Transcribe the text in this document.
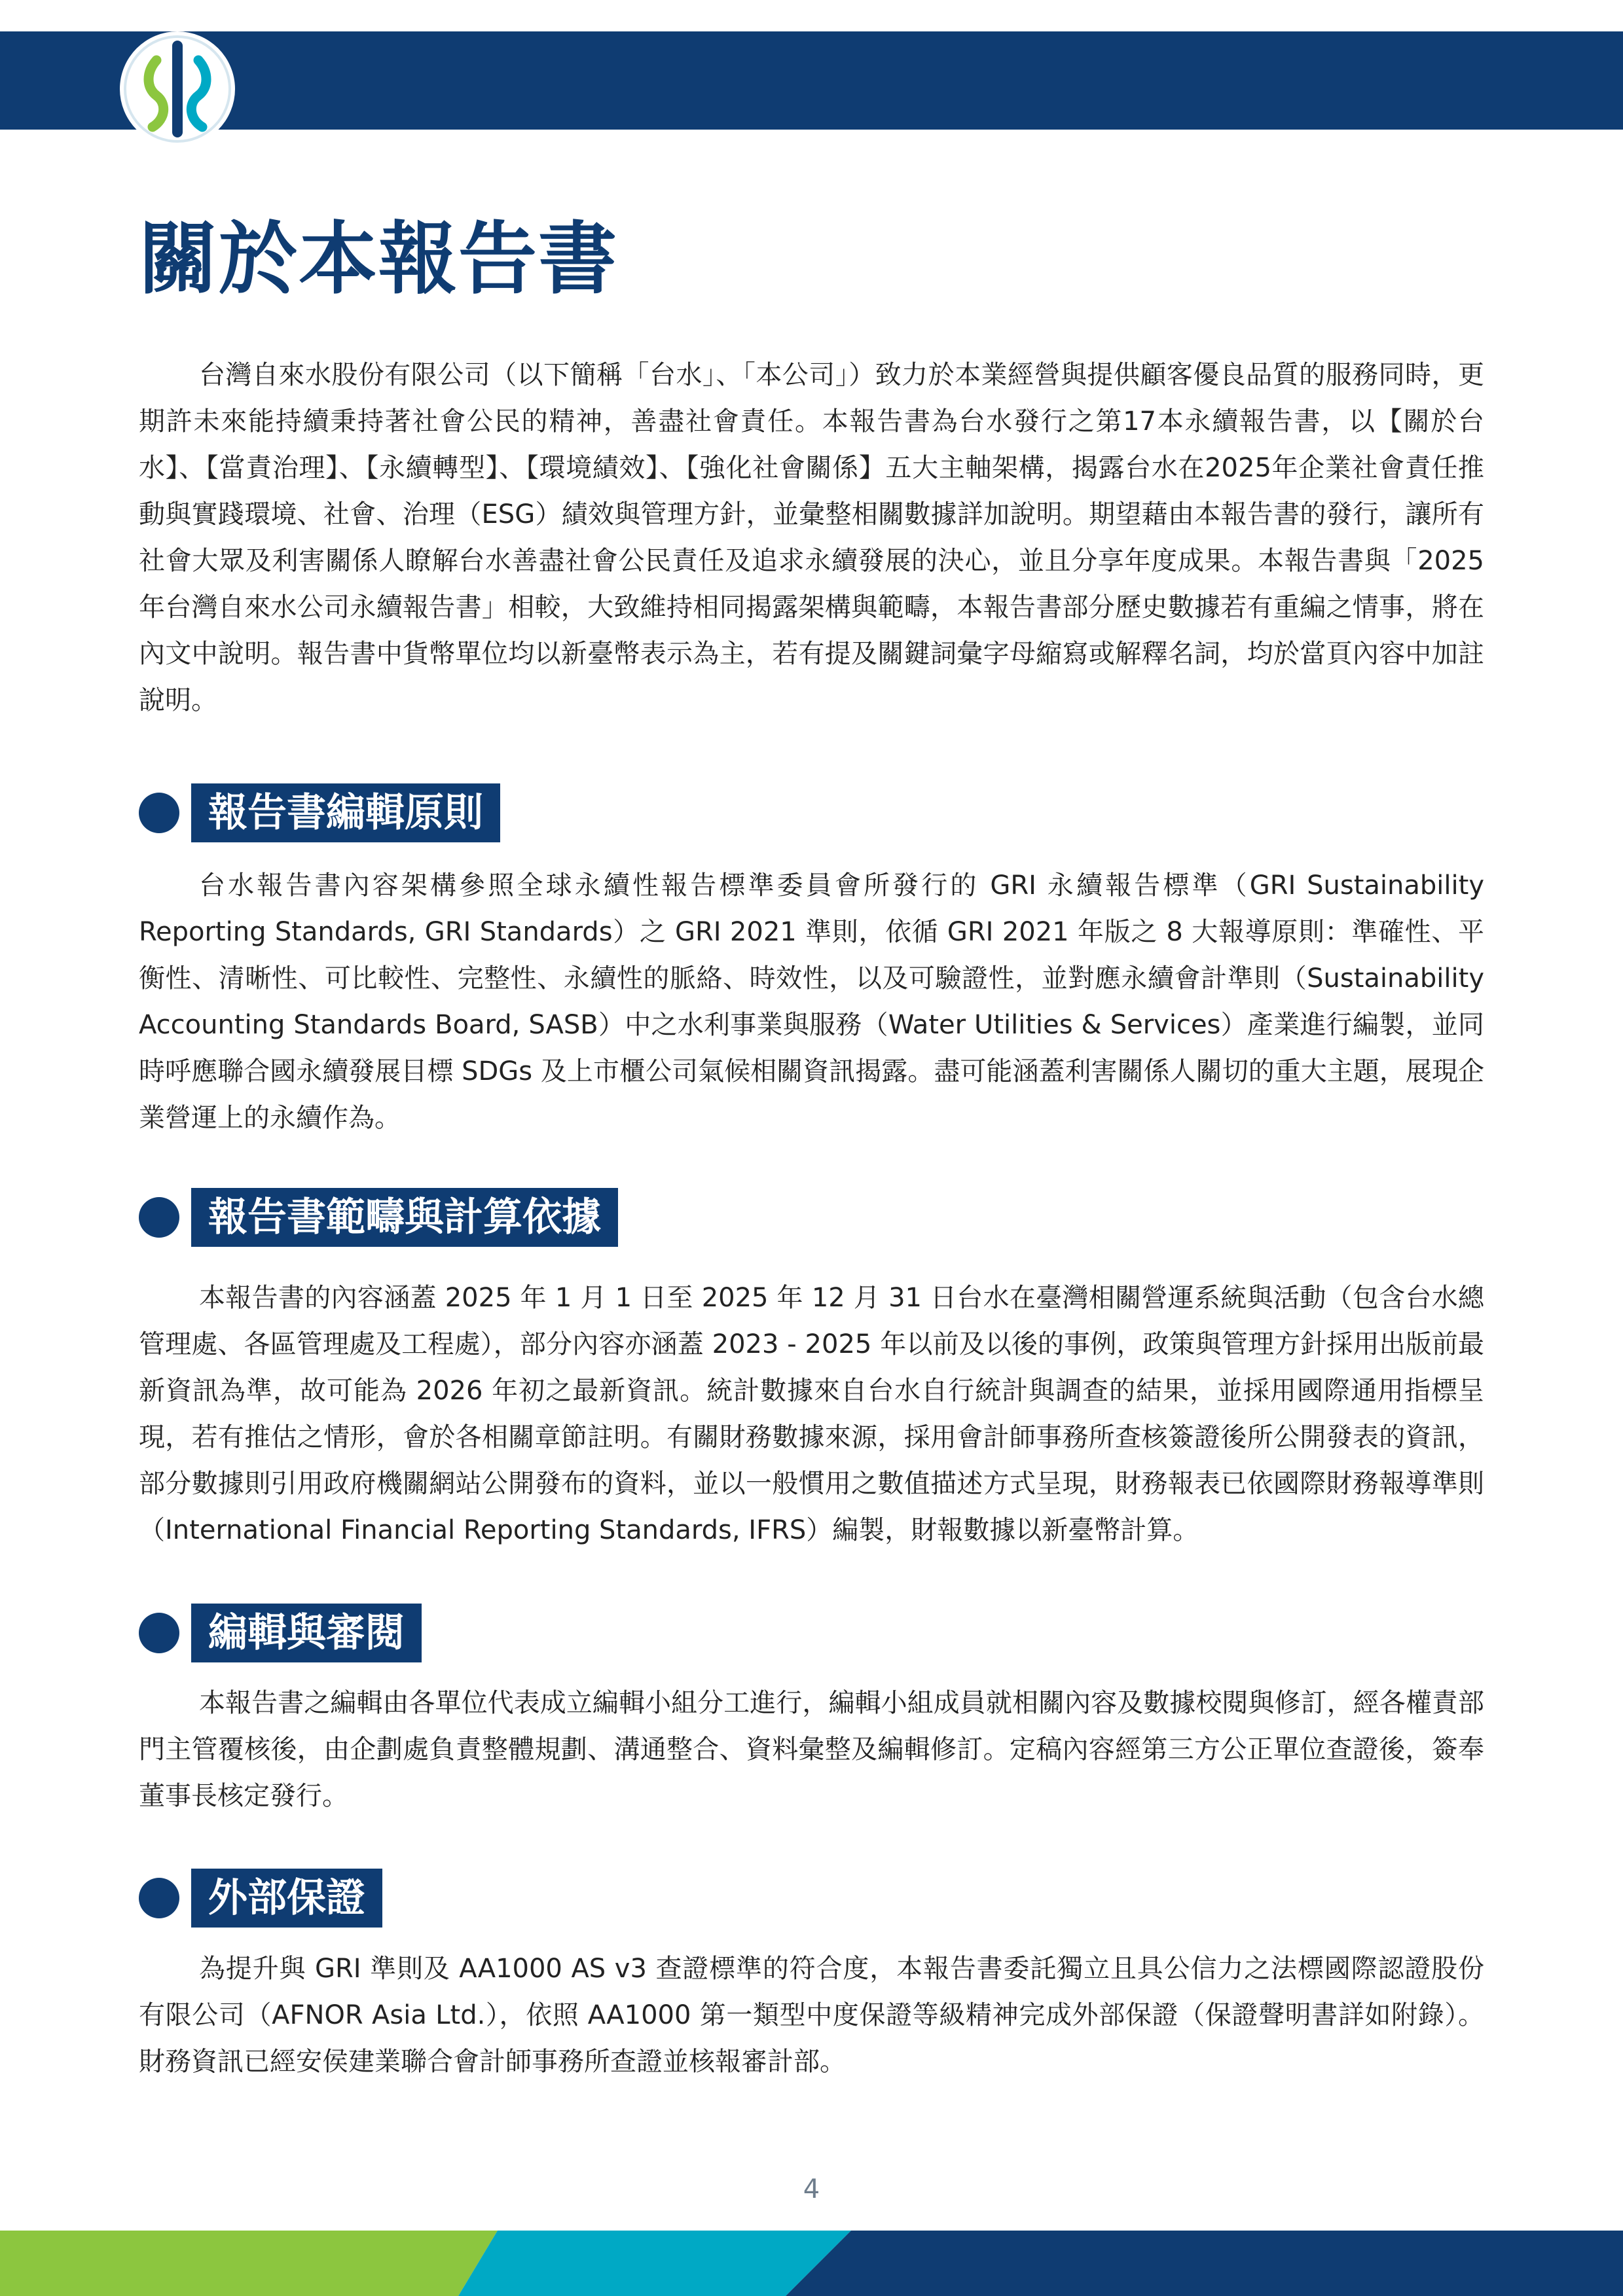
關於本報告書

台灣自來水股份有限公司（以下簡稱「台水」、「本公司」）致力於本業經營與提供顧客優良品質的服務同時，更期許未來能持續秉持著社會公民的精神，善盡社會責任。本報告書為台水發行之第17本永續報告書，以【關於台水】、【當責治理】、【永續轉型】、【環境績效】、【強化社會關係】五大主軸架構，揭露台水在2025年企業社會責任推動與實踐環境、社會、治理（ESG）績效與管理方針，並彙整相關數據詳加說明。期望藉由本報告書的發行，讓所有社會大眾及利害關係人瞭解台水善盡社會公民責任及追求永續發展的決心，並且分享年度成果。本報告書與「2025年台灣自來水公司永續報告書」相較，大致維持相同揭露架構與範疇，本報告書部分歷史數據若有重編之情事，將在內文中說明。報告書中貨幣單位均以新臺幣表示為主，若有提及關鍵詞彙字母縮寫或解釋名詞，均於當頁內容中加註說明。

報告書編輯原則

台水報告書內容架構參照全球永續性報告標準委員會所發行的 GRI 永續報告標準（GRI Sustainability Reporting Standards, GRI Standards）之 GRI 2021 準則，依循 GRI 2021 年版之 8 大報導原則：準確性、平衡性、清晰性、可比較性、完整性、永續性的脈絡、時效性，以及可驗證性，並對應永續會計準則（Sustainability Accounting Standards Board, SASB）中之水利事業與服務（Water Utilities & Services）產業進行編製，並同時呼應聯合國永續發展目標 SDGs 及上市櫃公司氣候相關資訊揭露。盡可能涵蓋利害關係人關切的重大主題，展現企業營運上的永續作為。

報告書範疇與計算依據

本報告書的內容涵蓋 2025 年 1 月 1 日至 2025 年 12 月 31 日台水在臺灣相關營運系統與活動（包含台水總管理處、各區管理處及工程處），部分內容亦涵蓋 2023 - 2025 年以前及以後的事例，政策與管理方針採用出版前最新資訊為準，故可能為 2026 年初之最新資訊。統計數據來自台水自行統計與調查的結果，並採用國際通用指標呈現，若有推估之情形，會於各相關章節註明。有關財務數據來源，採用會計師事務所查核簽證後所公開發表的資訊，部分數據則引用政府機關網站公開發布的資料，並以一般慣用之數值描述方式呈現，財務報表已依國際財務報導準則（International Financial Reporting Standards, IFRS）編製，財報數據以新臺幣計算。

編輯與審閱

本報告書之編輯由各單位代表成立編輯小組分工進行，編輯小組成員就相關內容及數據校閱與修訂，經各權責部門主管覆核後，由企劃處負責整體規劃、溝通整合、資料彙整及編輯修訂。定稿內容經第三方公正單位查證後，簽奉董事長核定發行。

外部保證

為提升與 GRI 準則及 AA1000 AS v3 查證標準的符合度，本報告書委託獨立且具公信力之法標國際認證股份有限公司（AFNOR Asia Ltd.），依照 AA1000 第一類型中度保證等級精神完成外部保證（保證聲明書詳如附錄）。財務資訊已經安侯建業聯合會計師事務所查證並核報審計部。

4
